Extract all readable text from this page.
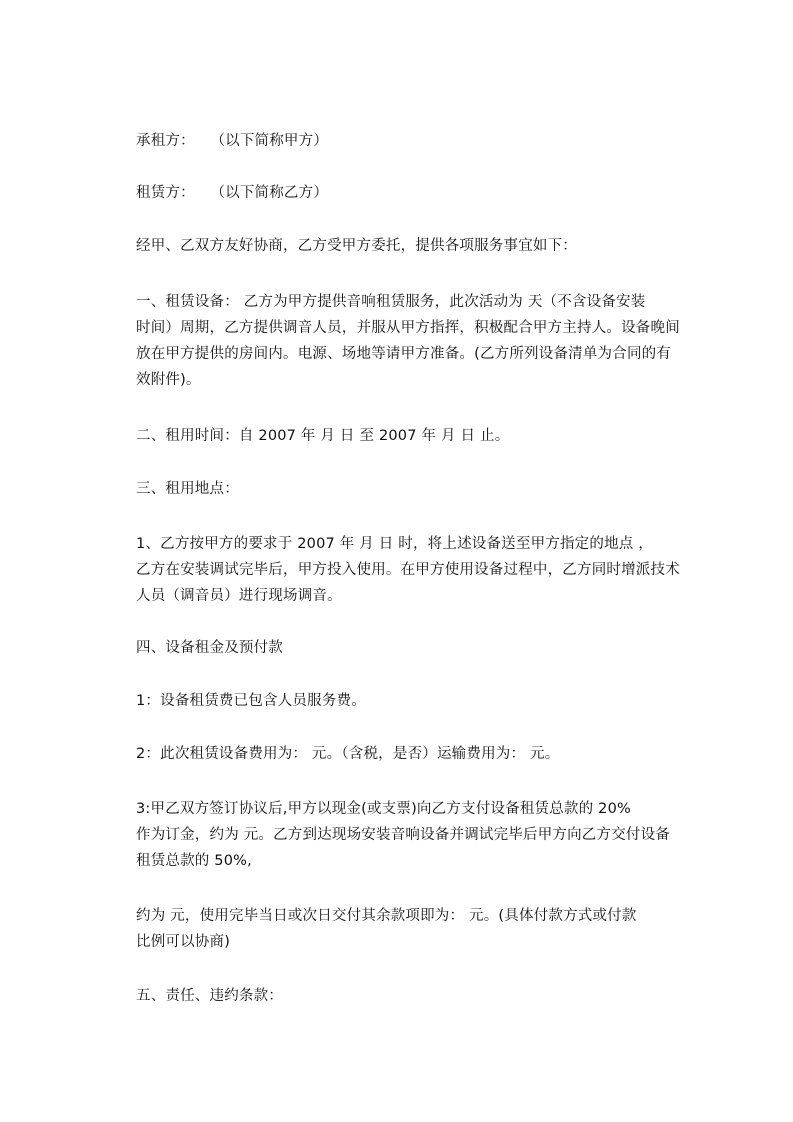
承租方： （以下简称甲方）
租赁方： （以下简称乙方）
经甲、乙双方友好协商，乙方受甲方委托，提供各项服务事宜如下：
一、租赁设备： 乙方为甲方提供音响租赁服务，此次活动为 天（不含设备安装
时间）周期，乙方提供调音人员，并服从甲方指挥，积极配合甲方主持人。设备晚间
放在甲方提供的房间内。电源、场地等请甲方准备。(乙方所列设备清单为合同的有
效附件)。
二、租用时间：自 2007 年 月 日 至 2007 年 月 日 止。
三、租用地点：
1、乙方按甲方的要求于 2007 年 月 日 时，将上述设备送至甲方指定的地点 ，
乙方在安装调试完毕后，甲方投入使用。在甲方使用设备过程中，乙方同时增派技术
人员（调音员）进行现场调音。
四、设备租金及预付款
1：设备租赁费已包含人员服务费。
2：此次租赁设备费用为： 元。（含税，是否）运输费用为： 元。
3:甲乙双方签订协议后,甲方以现金(或支票)向乙方支付设备租赁总款的 20%
作为订金，约为 元。乙方到达现场安装音响设备并调试完毕后甲方向乙方交付设备
租赁总款的 50%,
约为 元，使用完毕当日或次日交付其余款项即为： 元。(具体付款方式或付款
比例可以协商)
五、责任、违约条款：
